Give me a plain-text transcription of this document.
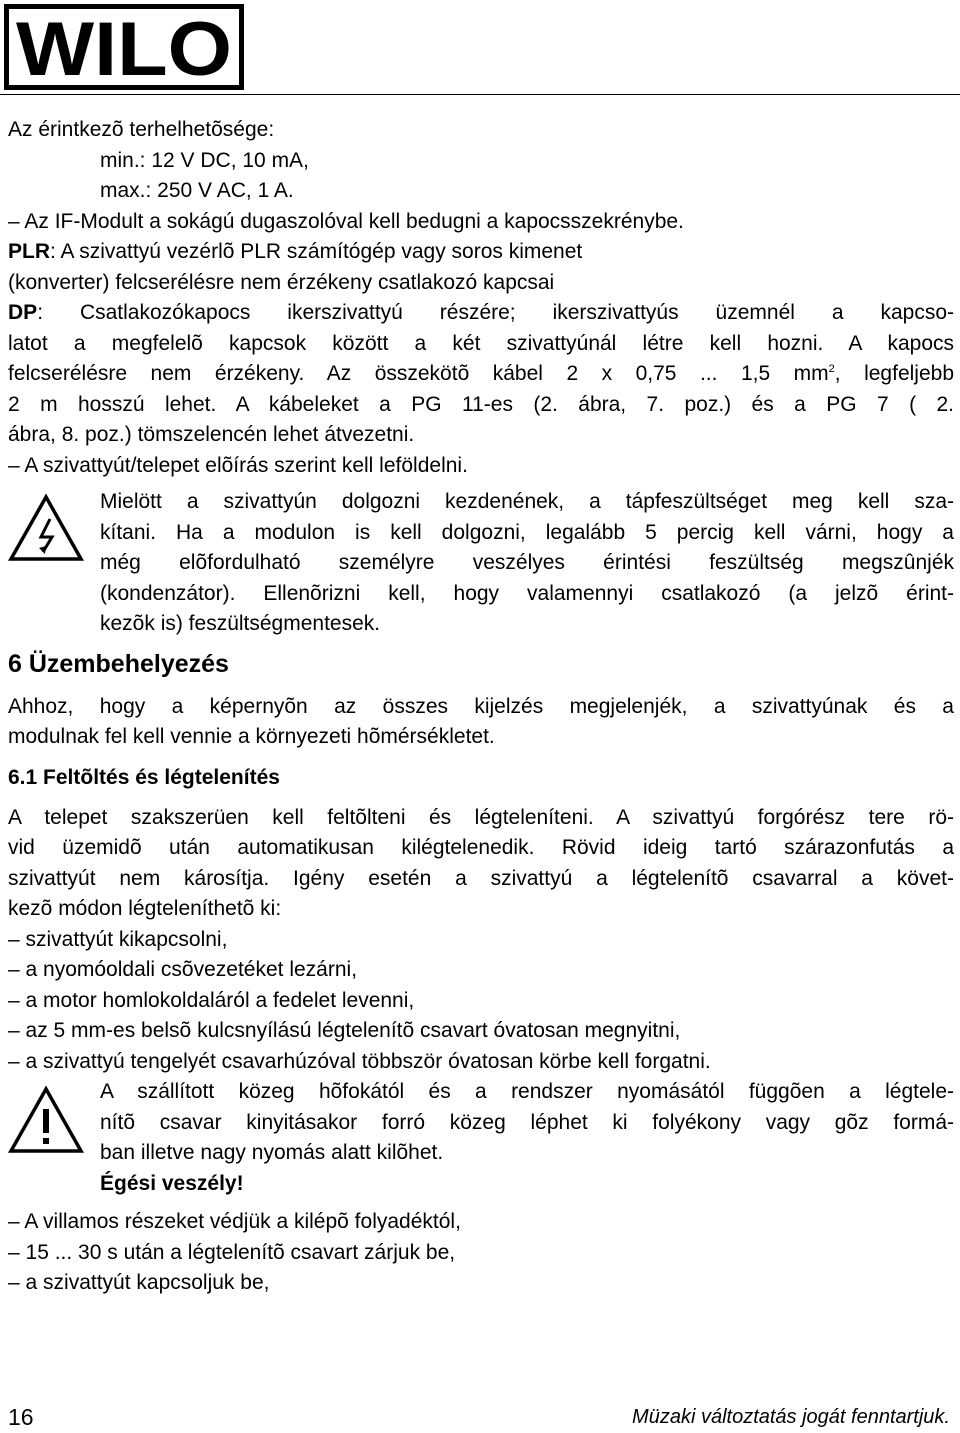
WILO
Az érintkezõ terhelhetõsége:
min.: 12 V DC, 10 mA,
max.: 250 V AC, 1 A.
– Az IF-Modult a sokágú dugaszolóval kell bedugni a kapocsszekrénybe.
PLR: A szivattyú vezérlõ PLR számítógép vagy soros kimenet
(konverter) felcserélésre nem érzékeny csatlakozó kapcsai
DP: Csatlakozókapocs ikerszivattyú részére; ikerszivattyús üzemnél a kapcso-
latot a megfelelõ kapcsok között a két szivattyúnál létre kell hozni. A kapocs
felcserélésre nem érzékeny. Az összekötõ kábel 2 x 0,75 ... 1,5 $mm^2$, legfeljebb
2 m hosszú lehet. A kábeleket a PG 11-es (2. ábra, 7. poz.) és a PG 7 ( 2.
ábra, 8. poz.) tömszelencén lehet átvezetni.
– A szivattyút/telepet elõírás szerint kell leföldelni.
Mielött a szivattyún dolgozni kezdenének, a tápfeszültséget meg kell sza-
kítani. Ha a modulon is kell dolgozni, legalább 5 percig kell várni, hogy a
még elõfordulható személyre veszélyes érintési feszültség megszûnjék
(kondenzátor). Ellenõrizni kell, hogy valamennyi csatlakozó (a jelzõ érint-
kezõk is) feszültségmentesek.
6 Üzembehelyezés
Ahhoz, hogy a képernyõn az összes kijelzés megjelenjék, a szivattyúnak és a
modulnak fel kell vennie a környezeti hõmérsékletet.
6.1 Feltõltés és légtelenítés
A telepet szakszerüen kell feltõlteni és légteleníteni. A szivattyú forgórész tere rö-
vid üzemidõ után automatikusan kilégtelenedik. Rövid ideig tartó szárazonfutás a
szivattyút nem károsítja. Igény esetén a szivattyú a légtelenítõ csavarral a követ-
kezõ módon légteleníthetõ ki:
– szivattyút kikapcsolni,
– a nyomóoldali csõvezetéket lezárni,
– a motor homlokoldaláról a fedelet levenni,
– az 5 mm-es belsõ kulcsnyílású légtelenítõ csavart óvatosan megnyitni,
– a szivattyú tengelyét csavarhúzóval többször óvatosan körbe kell forgatni.
A szállított közeg hõfokától és a rendszer nyomásától függõen a légtele-
nítõ csavar kinyitásakor forró közeg léphet ki folyékony vagy gõz formá-
ban illetve nagy nyomás alatt kilõhet.
Égési veszély!
– A villamos részeket védjük a kilépõ folyadéktól,
– 15 ... 30 s után a légtelenítõ csavart zárjuk be,
– a szivattyút kapcsoljuk be,
16	Müzaki változtatás jogát fenntartjuk.
